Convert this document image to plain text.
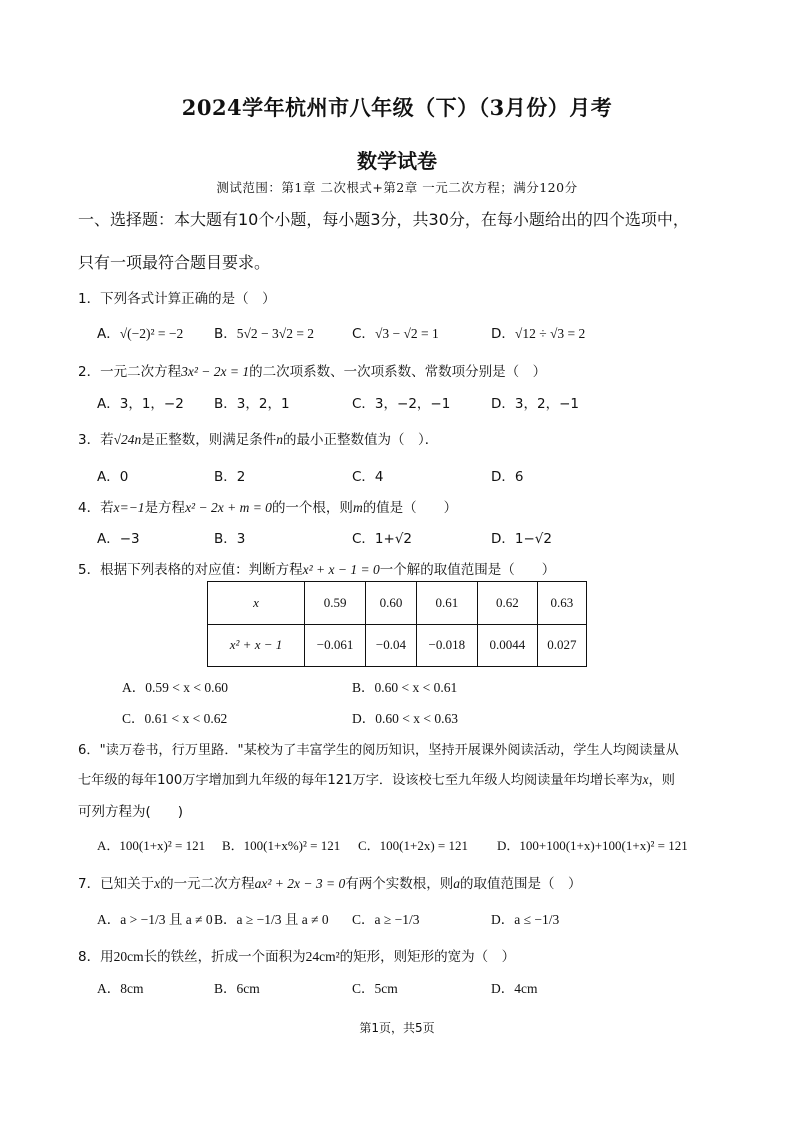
2024学年杭州市八年级（下）（3月份）月考
数学试卷
测试范围：第1章 二次根式+第2章 一元二次方程；满分120分
一、选择题：本大题有10个小题，每小题3分，共30分，在每小题给出的四个选项中，
只有一项最符合题目要求。
1．下列各式计算正确的是（　）
A．√(−2)² = −2 B．5√2 − 3√2 = 2	C．√3 − √2 = 1	D．√12 ÷ √3 = 2
2．一元二次方程3x² − 2x = 1的二次项系数、一次项系数、常数项分别是（　）
A．3，1，−2 B．3，2，1	C．3，−2，−1	D．3，2，−1
3．若√24n是正整数，则满足条件n的最小正整数值为（　）．
A．0	B．2	C．4	D．6
4．若x=−1是方程x² − 2x + m = 0的一个根，则m的值是（　　）
A．−3	B．3	C．1+√2	D．1−√2
5．根据下列表格的对应值：判断方程x² + x − 1 = 0一个解的取值范围是（　　）
x	0.59	0.60	0.61	0.62	0.63
x² + x − 1	−0.061	−0.04	−0.018	0.0044	0.027
A．0.59 < x < 0.60	B．0.60 < x < 0.61
C．0.61 < x < 0.62	D．0.60 < x < 0.63
6．"读万卷书，行万里路．"某校为了丰富学生的阅历知识，坚持开展课外阅读活动，学生人均阅读量从
七年级的每年100万字增加到九年级的每年121万字．设该校七至九年级人均阅读量年均增长率为x，则
可列方程为(　　)
A．100(1+x)² = 121 B．100(1+x%)² = 121 C．100(1+2x) = 121 D．100+100(1+x)+100(1+x)² = 121
7．已知关于x的一元二次方程ax² + 2x − 3 = 0有两个实数根，则a的取值范围是（　）
A．a > −1/3 且 a ≠ 0 B．a ≥ −1/3 且 a ≠ 0 C．a ≥ −1/3	D．a ≤ −1/3
8．用20cm长的铁丝，折成一个面积为24cm²的矩形，则矩形的宽为（　）
A．8cm	B．6cm	C．5cm	D．4cm
第1页，共5页
